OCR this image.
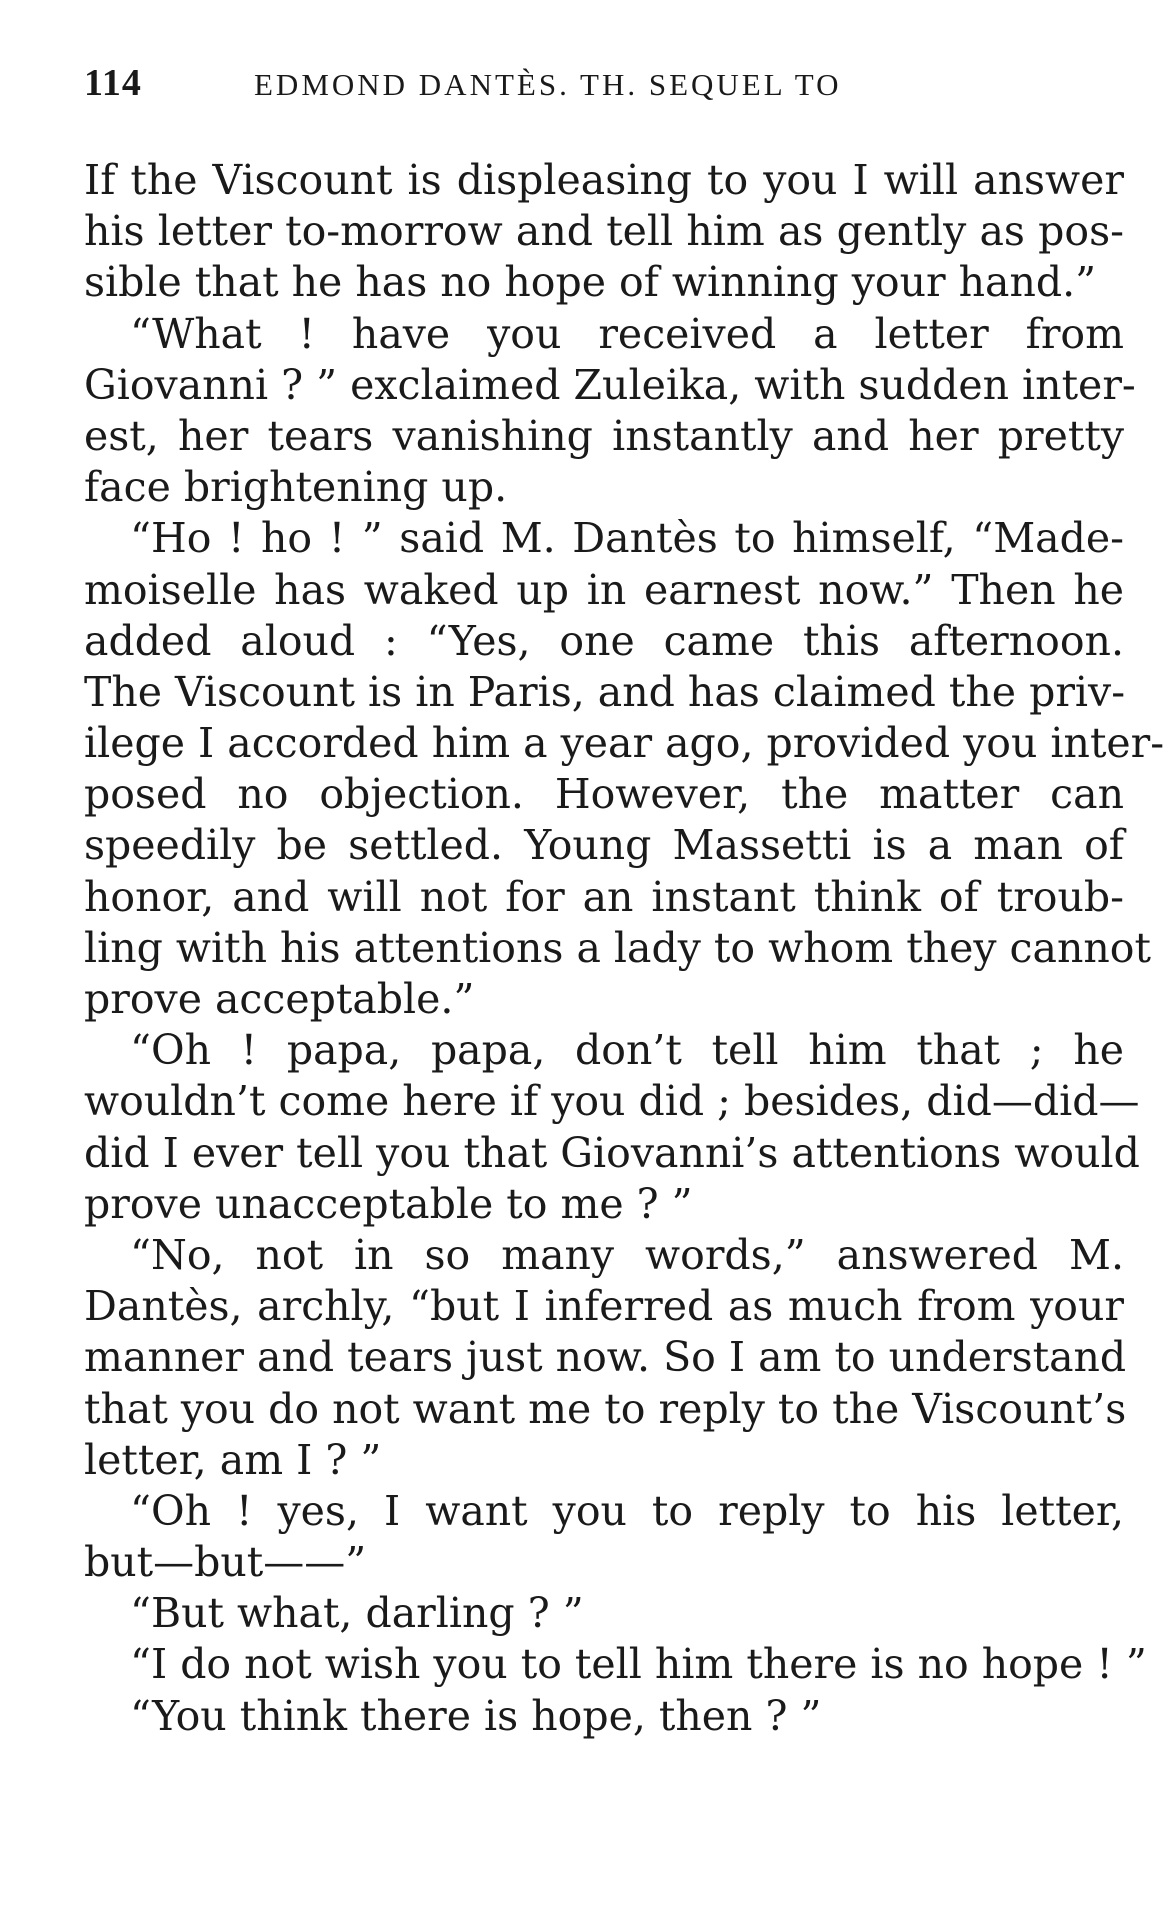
114	EDMOND DANTÈS. TH. SEQUEL TO
If the Viscount is displeasing to you I will answer
his letter to-morrow and tell him as gently as pos-
sible that he has no hope of winning your hand.”
“What ! have you received a letter from
Giovanni ? ” exclaimed Zuleika, with sudden inter-
est, her tears vanishing instantly and her pretty
face brightening up.
“Ho ! ho ! ” said M. Dantès to himself, “Made-
moiselle has waked up in earnest now.” Then he
added aloud : “Yes, one came this afternoon.
The Viscount is in Paris, and has claimed the priv-
ilege I accorded him a year ago, provided you inter-
posed no objection. However, the matter can
speedily be settled. Young Massetti is a man of
honor, and will not for an instant think of troub-
ling with his attentions a lady to whom they cannot
prove acceptable.”
“Oh ! papa, papa, don’t tell him that ; he
wouldn’t come here if you did ; besides, did—did—
did I ever tell you that Giovanni’s attentions would
prove unacceptable to me ? ”
“No, not in so many words,” answered M.
Dantès, archly, “but I inferred as much from your
manner and tears just now. So I am to understand
that you do not want me to reply to the Viscount’s
letter, am I ? ”
“Oh ! yes, I want you to reply to his letter,
but—but——”
“But what, darling ? ”
“I do not wish you to tell him there is no hope ! ”
“You think there is hope, then ? ”
